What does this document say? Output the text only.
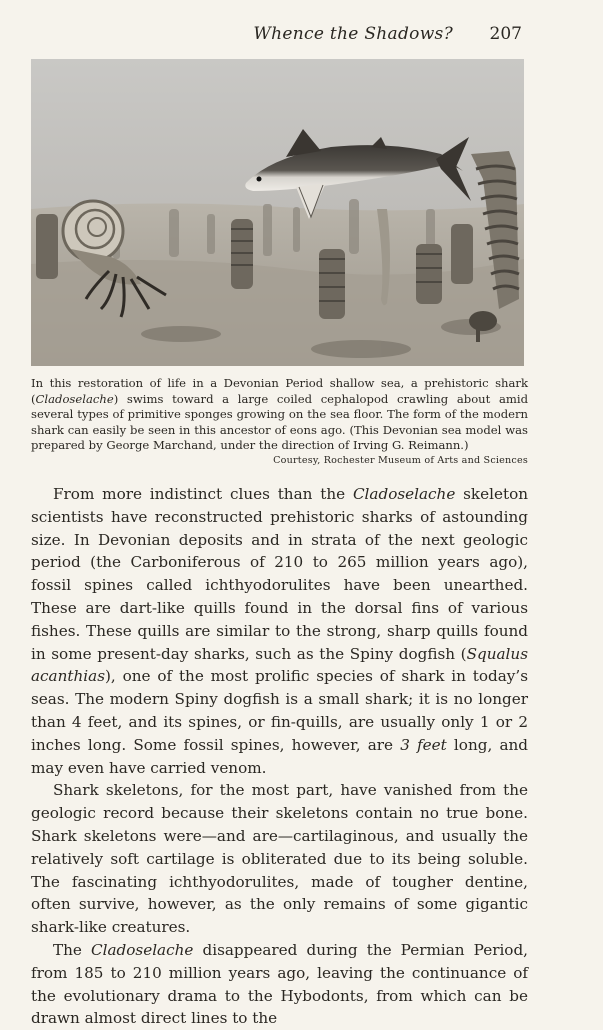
Whence the Shadows? 207

In this restoration of life in a Devonian Period shallow sea, a prehistoric shark (Cladoselache) swims toward a large coiled cephalopod crawling about amid several types of primitive sponges growing on the sea floor. The form of the modern shark can easily be seen in this ancestor of eons ago. (This Devonian sea model was prepared by George Marchand, under the direction of Irving G. Reimann.)

Courtesy, Rochester Museum of Arts and Sciences

From more indistinct clues than the Cladoselache skeleton scientists have reconstructed prehistoric sharks of astounding size. In Devonian deposits and in strata of the next geologic period (the Carboniferous of 210 to 265 million years ago), fossil spines called ichthyodorulites have been unearthed. These are dart-like quills found in the dorsal fins of various fishes. These quills are similar to the strong, sharp quills found in some present-day sharks, such as the Spiny dogfish (Squalus acanthias), one of the most prolific species of shark in today’s seas. The modern Spiny dogfish is a small shark; it is no longer than 4 feet, and its spines, or fin-quills, are usually only 1 or 2 inches long. Some fossil spines, however, are 3 feet long, and may even have carried venom.

Shark skeletons, for the most part, have vanished from the geologic record because their skeletons contain no true bone. Shark skeletons were—and are—cartilaginous, and usually the relatively soft cartilage is obliterated due to its being soluble. The fascinating ichthyodorulites, made of tougher dentine, often survive, however, as the only remains of some gigantic shark-like creatures.

The Cladoselache disappeared during the Permian Period, from 185 to 210 million years ago, leaving the continuance of the evolutionary drama to the Hybodonts, from which can be drawn almost direct lines to the
